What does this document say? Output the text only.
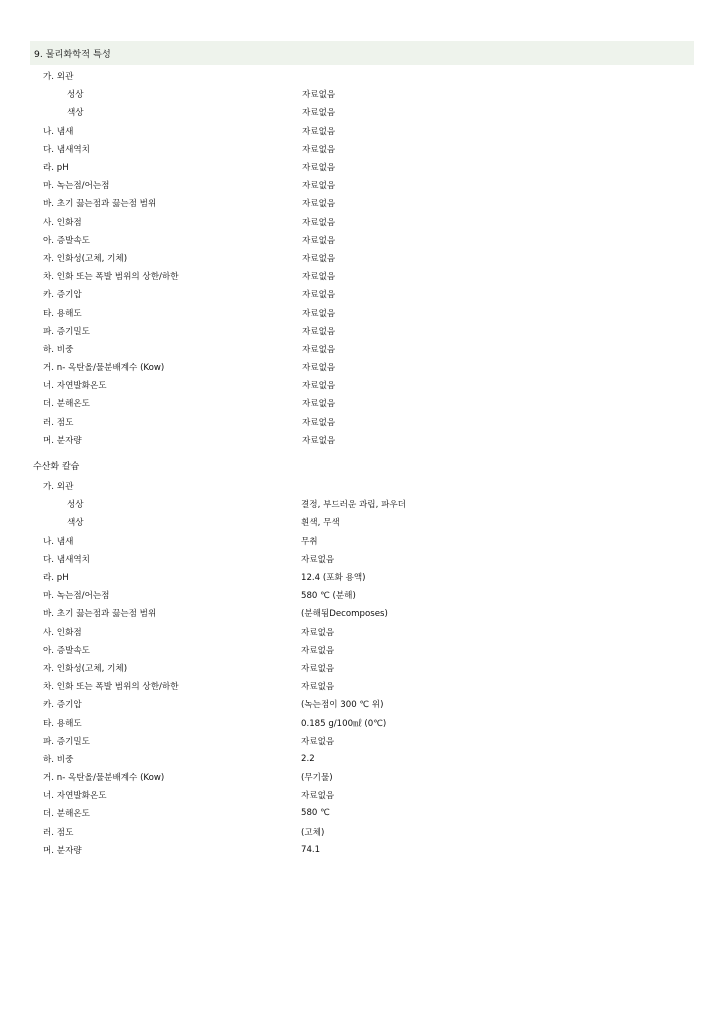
9. 물리화학적 특성
가. 외관
성상	자료없음
색상	자료없음
나. 냄새	자료없음
다. 냄새역치	자료없음
라. pH	자료없음
마. 녹는점/어는점	자료없음
바. 초기 끓는점과 끓는점 범위	자료없음
사. 인화점	자료없음
아. 증발속도	자료없음
자. 인화성(고체, 기체)	자료없음
차. 인화 또는 폭발 범위의 상한/하한	자료없음
카. 증기압	자료없음
타. 용해도	자료없음
파. 증기밀도	자료없음
하. 비중	자료없음
거. n- 옥탄올/물분배계수 (Kow)	자료없음
너. 자연발화온도	자료없음
더. 분해온도	자료없음
러. 점도	자료없음
머. 분자량	자료없음
수산화 칼슘
가. 외관
성상	결정, 부드러운 과립, 파우더
색상	흰색, 무색
나. 냄새	무취
다. 냄새역치	자료없음
라. pH	12.4 (포화 용액)
마. 녹는점/어는점	580 ℃ (분해)
바. 초기 끓는점과 끓는점 범위	(분해됨Decomposes)
사. 인화점	자료없음
아. 증발속도	자료없음
자. 인화성(고체, 기체)	자료없음
차. 인화 또는 폭발 범위의 상한/하한	자료없음
카. 증기압	(녹는점이 300 ℃ 위)
타. 용해도	0.185 g/100㎖ (0℃)
파. 증기밀도	자료없음
하. 비중	2.2
거. n- 옥탄올/물분배계수 (Kow)	(무기물)
너. 자연발화온도	자료없음
더. 분해온도	580 ℃
러. 점도	(고체)
머. 분자량	74.1
